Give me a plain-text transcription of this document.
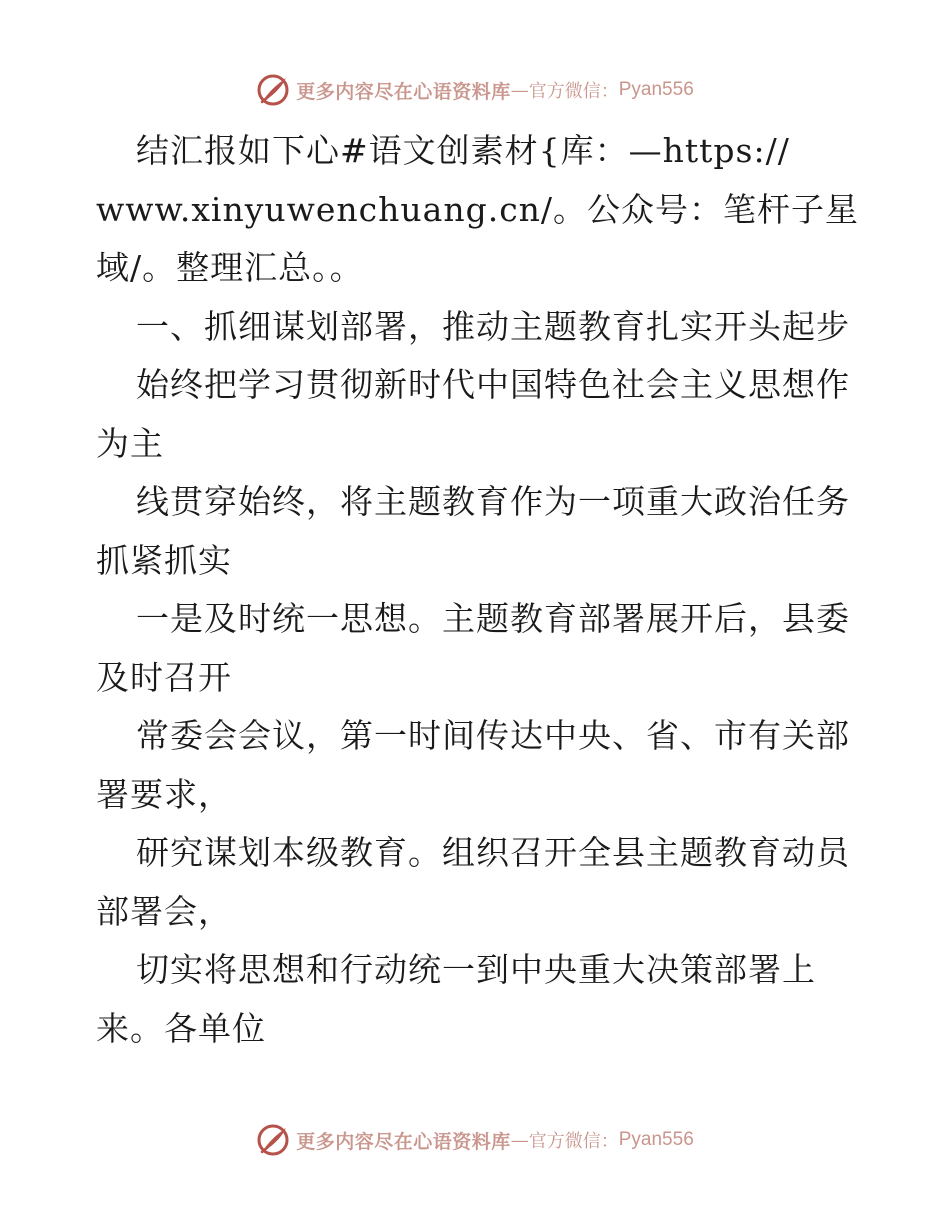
更多内容尽在心语资料库 — 官方微信： Pyan556
结汇报如下心#语文创素材{库：—https://
www.xinyuwenchuang.cn/。公众号：笔杆子星
域/。整理汇总。。
一、抓细谋划部署，推动主题教育扎实开头起步
始终把学习贯彻新时代中国特色社会主义思想作
为主
线贯穿始终，将主题教育作为一项重大政治任务
抓紧抓实
一是及时统一思想。主题教育部署展开后，县委
及时召开
常委会会议，第一时间传达中央、省、市有关部
署要求，
研究谋划本级教育。组织召开全县主题教育动员
部署会，
切实将思想和行动统一到中央重大决策部署上
来。各单位
更多内容尽在心语资料库 — 官方微信： Pyan556
